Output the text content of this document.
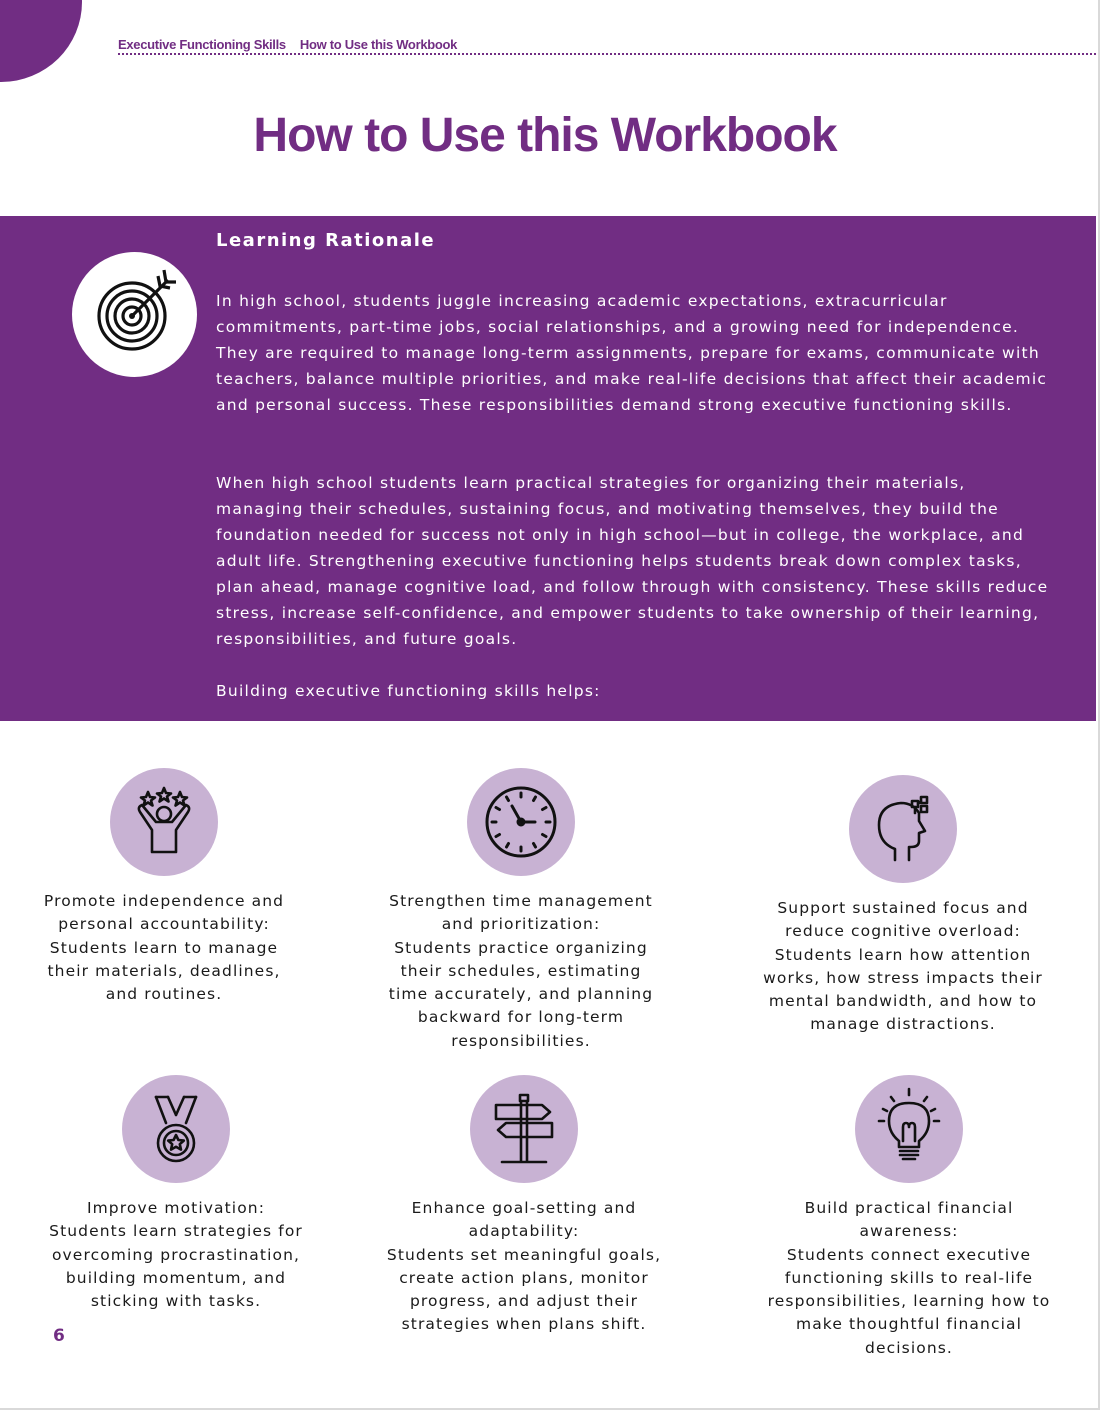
Executive Functioning Skills How to Use this Workbook
How to Use this Workbook
Learning Rationale

In high school, students juggle increasing academic expectations, extracurricular commitments, part-time jobs, social relationships, and a growing need for independence. They are required to manage long-term assignments, prepare for exams, communicate with teachers, balance multiple priorities, and make real-life decisions that affect their academic and personal success. These responsibilities demand strong executive functioning skills.

When high school students learn practical strategies for organizing their materials, managing their schedules, sustaining focus, and motivating themselves, they build the foundation needed for success not only in high school—but in college, the workplace, and adult life. Strengthening executive functioning helps students break down complex tasks, plan ahead, manage cognitive load, and follow through with consistency. These skills reduce stress, increase self-confidence, and empower students to take ownership of their learning, responsibilities, and future goals.

Building executive functioning skills helps:

Promote independence and
personal accountability:
Students learn to manage
their materials, deadlines,
and routines.
Strengthen time management
and prioritization:
Students practice organizing
their schedules, estimating
time accurately, and planning
backward for long-term
responsibilities.
Support sustained focus and
reduce cognitive overload:
Students learn how attention
works, how stress impacts their
mental bandwidth, and how to
manage distractions.
Improve motivation:
Students learn strategies for
overcoming procrastination,
building momentum, and
sticking with tasks.
Enhance goal-setting and
adaptability:
Students set meaningful goals,
create action plans, monitor
progress, and adjust their
strategies when plans shift.
Build practical financial
awareness:
Students connect executive
functioning skills to real-life
responsibilities, learning how to
make thoughtful financial
decisions.
6
